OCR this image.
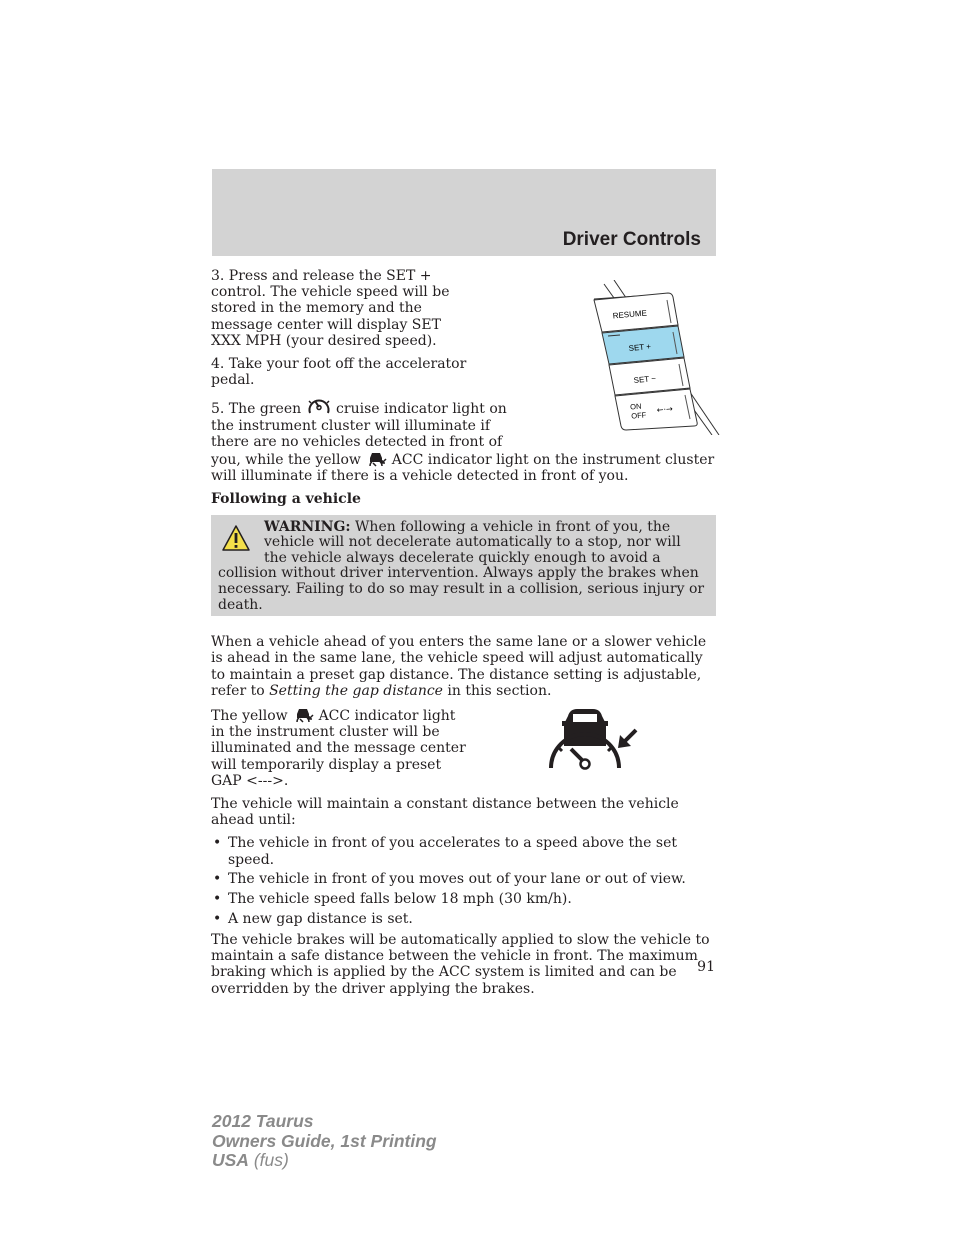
Driver Controls
RESUME
SET +
SET −
ON
OFF
←·→

3. Press and release the SET + control. The vehicle speed will be stored in the memory and the message center will display SET XXX MPH (your desired speed).

4. Take your foot off the accelerator pedal.

5. The green  cruise indicator light on the instrument cluster will illuminate if there are no vehicles detected in front of you, while the yellow  ACC indicator light on the instrument cluster will illuminate if there is a vehicle detected in front of you.

Following a vehicle

WARNING: When following a vehicle in front of you, the vehicle will not decelerate automatically to a stop, nor will the vehicle always decelerate quickly enough to avoid a collision without driver intervention. Always apply the brakes when necessary. Failing to do so may result in a collision, serious injury or death.

When a vehicle ahead of you enters the same lane or a slower vehicle is ahead in the same lane, the vehicle speed will adjust automatically to maintain a preset gap distance. The distance setting is adjustable, refer to Setting the gap distance in this section.

The yellow  ACC indicator light in the instrument cluster will be illuminated and the message center will temporarily display a preset GAP <--->.

The vehicle will maintain a constant distance between the vehicle ahead until:

• The vehicle in front of you accelerates to a speed above the set speed.
• The vehicle in front of you moves out of your lane or out of view.
• The vehicle speed falls below 18 mph (30 km/h).
• A new gap distance is set.

The vehicle brakes will be automatically applied to slow the vehicle to maintain a safe distance between the vehicle in front. The maximum braking which is applied by the ACC system is limited and can be overridden by the driver applying the brakes.

91

2012 Taurus
Owners Guide, 1st Printing
USA (fus)
